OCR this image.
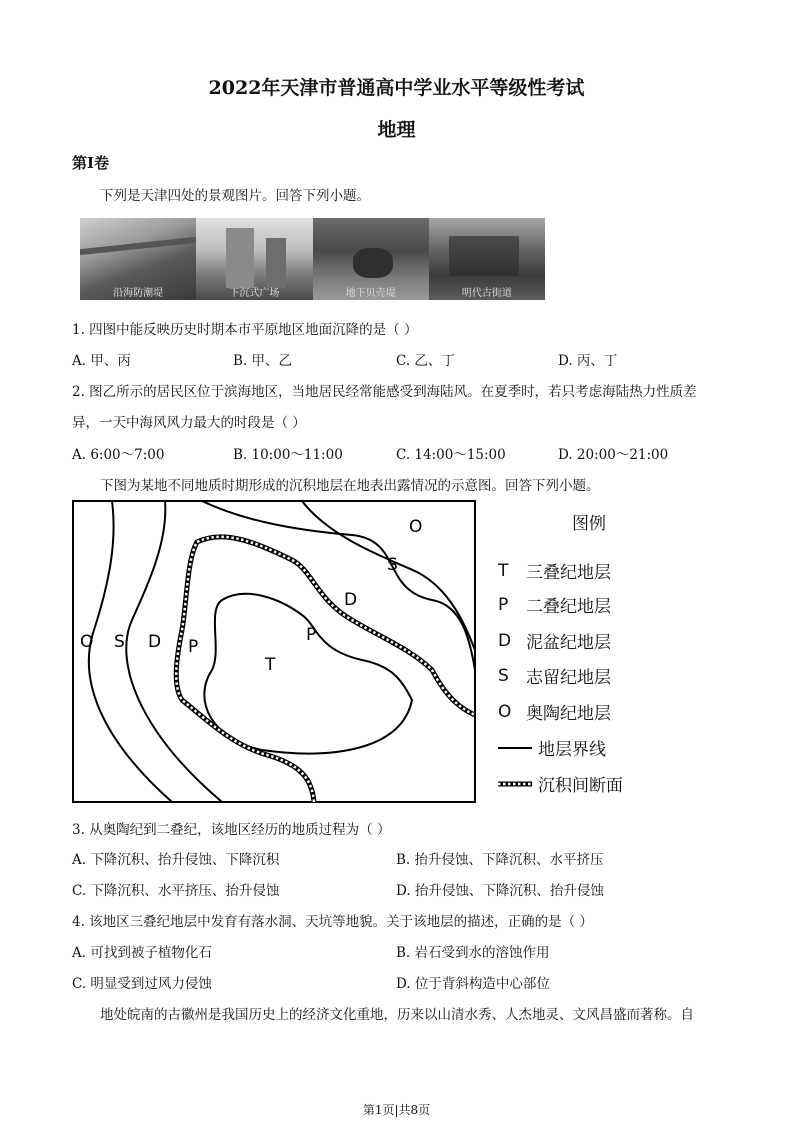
2022年天津市普通高中学业水平等级性考试
地理
第I卷
下列是天津四处的景观图片。回答下列小题。
沿海防潮堤	下沉式广场	地下贝壳堤	明代古街道
1. 四图中能反映历史时期本市平原地区地面沉降的是（ ）
A. 甲、丙	B. 甲、乙	C. 乙、丁	D. 丙、丁
2. 图乙所示的居民区位于滨海地区，当地居民经常能感受到海陆风。在夏季时，若只考虑海陆热力性质差
异，一天中海风风力最大的时段是（ ）
A. 6:00～7:00	B. 10:00～11:00	C. 14:00～15:00	D. 20:00～21:00
下图为某地不同地质时期形成的沉积地层在地表出露情况的示意图。回答下列小题。
O
S
D
P
T
O S D P
图例
T	三叠纪地层
P	二叠纪地层
D 泥盆纪地层
S	志留纪地层
O 奥陶纪地层
地层界线
沉积间断面
3. 从奥陶纪到二叠纪，该地区经历的地质过程为（ ）
A. 下降沉积、抬升侵蚀、下降沉积	B. 抬升侵蚀、下降沉积、水平挤压
C. 下降沉积、水平挤压、抬升侵蚀	D. 抬升侵蚀、下降沉积、抬升侵蚀
4. 该地区三叠纪地层中发育有落水洞、天坑等地貌。关于该地层的描述，正确的是（ ）
A. 可找到被子植物化石	B. 岩石受到水的溶蚀作用
C. 明显受到过风力侵蚀	D. 位于背斜构造中心部位
地处皖南的古徽州是我国历史上的经济文化重地，历来以山清水秀、人杰地灵、文风昌盛而著称。自
第1页|共8页
